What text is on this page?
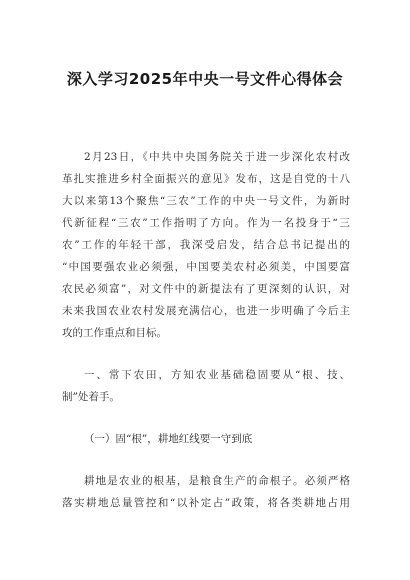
深入学习2025年中央一号文件心得体会
2月23日，《中共中央国务院关于进一步深化农村改
革扎实推进乡村全面振兴的意见》发布，这是自党的十八
大以来第13个聚焦“三农”工作的中央一号文件，为新时
代新征程“三农”工作指明了方向。作为一名投身于“三
农”工作的年轻干部，我深受启发，结合总书记提出的
“中国要强农业必须强，中国要美农村必须美，中国要富
农民必须富”，对文件中的新提法有了更深刻的认识，对
未来我国农业农村发展充满信心，也进一步明确了今后主
攻的工作重点和目标。
一、常下农田，方知农业基础稳固要从“根、技、
制”处着手。
（一）固“根”，耕地红线要一守到底
耕地是农业的根基，是粮食生产的命根子。必须严格
落实耕地总量管控和“以补定占”政策，将各类耕地占用
